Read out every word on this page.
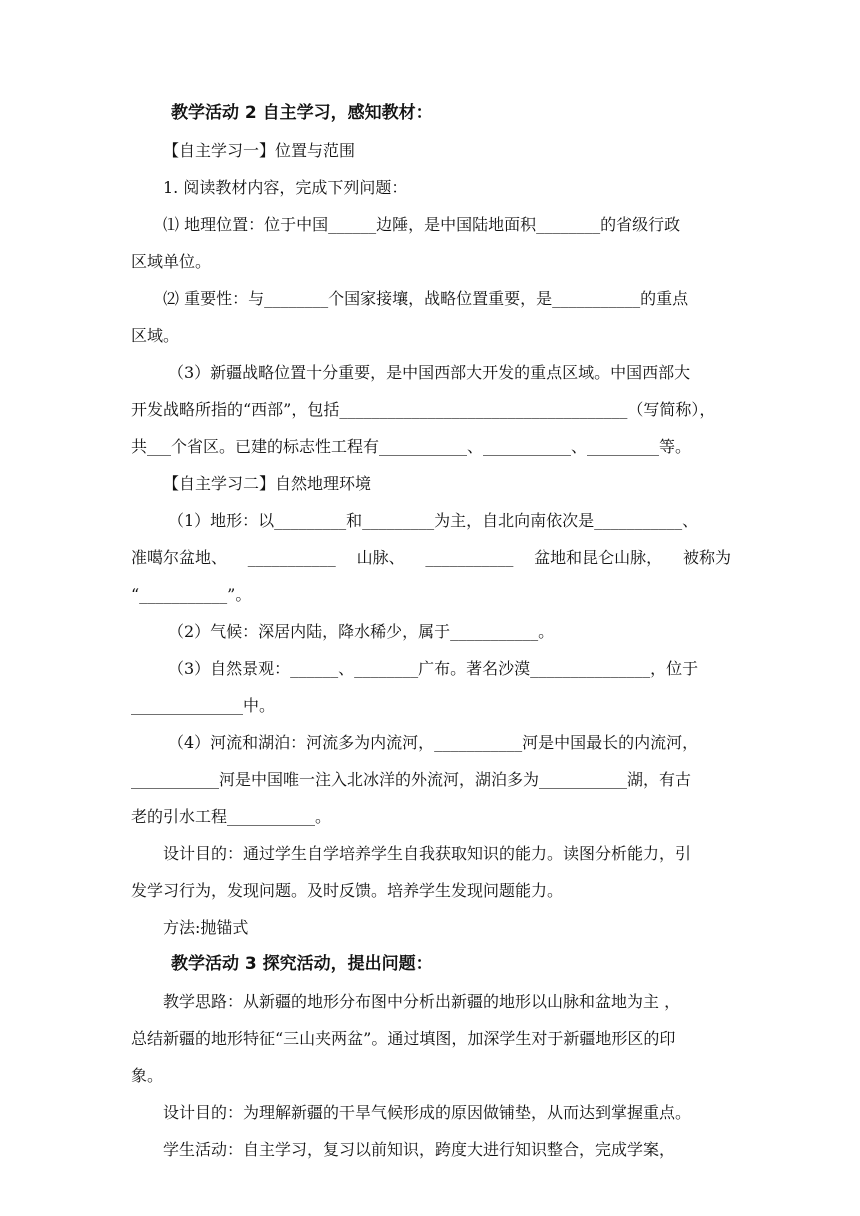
教学活动 2 自主学习，感知教材：
【自主学习一】位置与范围
1. 阅读教材内容，完成下列问题：
⑴ 地理位置：位于中国______边陲，是中国陆地面积________的省级行政
区域单位。
⑵ 重要性：与________个国家接壤，战略位置重要，是___________的重点
区域。
（3）新疆战略位置十分重要，是中国西部大开发的重点区域。中国西部大
开发战略所指的“西部”，包括____________________________________（写简称），
共___个省区。已建的标志性工程有___________、___________、_________等。
【自主学习二】自然地理环境
（1）地形：以_________和_________为主，自北向南依次是___________、
准噶尔盆地、 ___________ 山脉、 ___________ 盆地和昆仑山脉， 被称为
“___________”。
（2）气候：深居内陆，降水稀少，属于___________。
（3）自然景观：______、________广布。著名沙漠_______________，位于
______________中。
（4）河流和湖泊：河流多为内流河，___________河是中国最长的内流河，
___________河是中国唯一注入北冰洋的外流河，湖泊多为___________湖，有古
老的引水工程___________。
设计目的：通过学生自学培养学生自我获取知识的能力。读图分析能力，引
发学习行为，发现问题。及时反馈。培养学生发现问题能力。
方法:抛锚式
教学活动 3 探究活动，提出问题：
教学思路：从新疆的地形分布图中分析出新疆的地形以山脉和盆地为主 ，
总结新疆的地形特征“三山夹两盆”。通过填图，加深学生对于新疆地形区的印
象。
设计目的：为理解新疆的干旱气候形成的原因做铺垫，从而达到掌握重点。
学生活动：自主学习，复习以前知识，跨度大进行知识整合，完成学案，
